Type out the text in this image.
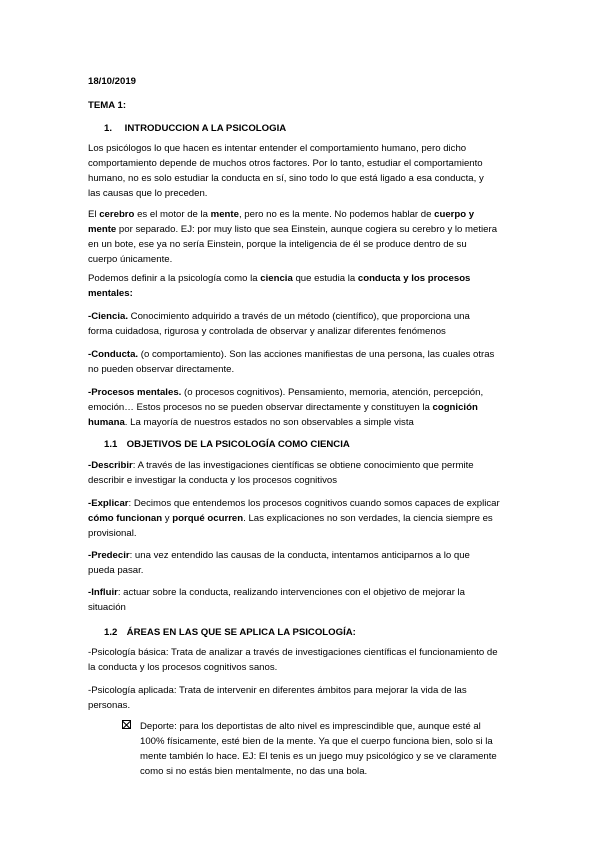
18/10/2019
TEMA 1:
1. INTRODUCCION A LA PSICOLOGIA
Los psicólogos lo que hacen es intentar entender el comportamiento humano, pero dicho
comportamiento depende de muchos otros factores. Por lo tanto, estudiar el comportamiento
humano, no es solo estudiar la conducta en sí, sino todo lo que está ligado a esa conducta, y
las causas que lo preceden.
El cerebro es el motor de la mente, pero no es la mente. No podemos hablar de cuerpo y
mente por separado. EJ: por muy listo que sea Einstein, aunque cogiera su cerebro y lo metiera
en un bote, ese ya no sería Einstein, porque la inteligencia de él se produce dentro de su
cuerpo únicamente.
Podemos definir a la psicología como la ciencia que estudia la conducta y los procesos
mentales:
-Ciencia. Conocimiento adquirido a través de un método (científico), que proporciona una
forma cuidadosa, rigurosa y controlada de observar y analizar diferentes fenómenos
-Conducta. (o comportamiento). Son las acciones manifiestas de una persona, las cuales otras
no pueden observar directamente.
-Procesos mentales. (o procesos cognitivos). Pensamiento, memoria, atención, percepción,
emoción… Estos procesos no se pueden observar directamente y constituyen la cognición
humana. La mayoría de nuestros estados no son observables a simple vista
1.1 OBJETIVOS DE LA PSICOLOGÍA COMO CIENCIA
-Describir: A través de las investigaciones científicas se obtiene conocimiento que permite
describir e investigar la conducta y los procesos cognitivos
-Explicar: Decimos que entendemos los procesos cognitivos cuando somos capaces de explicar
cómo funcionan y porqué ocurren. Las explicaciones no son verdades, la ciencia siempre es
provisional.
-Predecir: una vez entendido las causas de la conducta, intentamos anticiparnos a lo que
pueda pasar.
-Influir: actuar sobre la conducta, realizando intervenciones con el objetivo de mejorar la
situación
1.2 ÁREAS EN LAS QUE SE APLICA LA PSICOLOGÍA:
-Psicología básica: Trata de analizar a través de investigaciones científicas el funcionamiento de
la conducta y los procesos cognitivos sanos.
-Psicología aplicada: Trata de intervenir en diferentes ámbitos para mejorar la vida de las
personas.
Deporte: para los deportistas de alto nivel es imprescindible que, aunque esté al
100% físicamente, esté bien de la mente. Ya que el cuerpo funciona bien, solo si la
mente también lo hace. EJ: El tenis es un juego muy psicológico y se ve claramente
como si no estás bien mentalmente, no das una bola.
